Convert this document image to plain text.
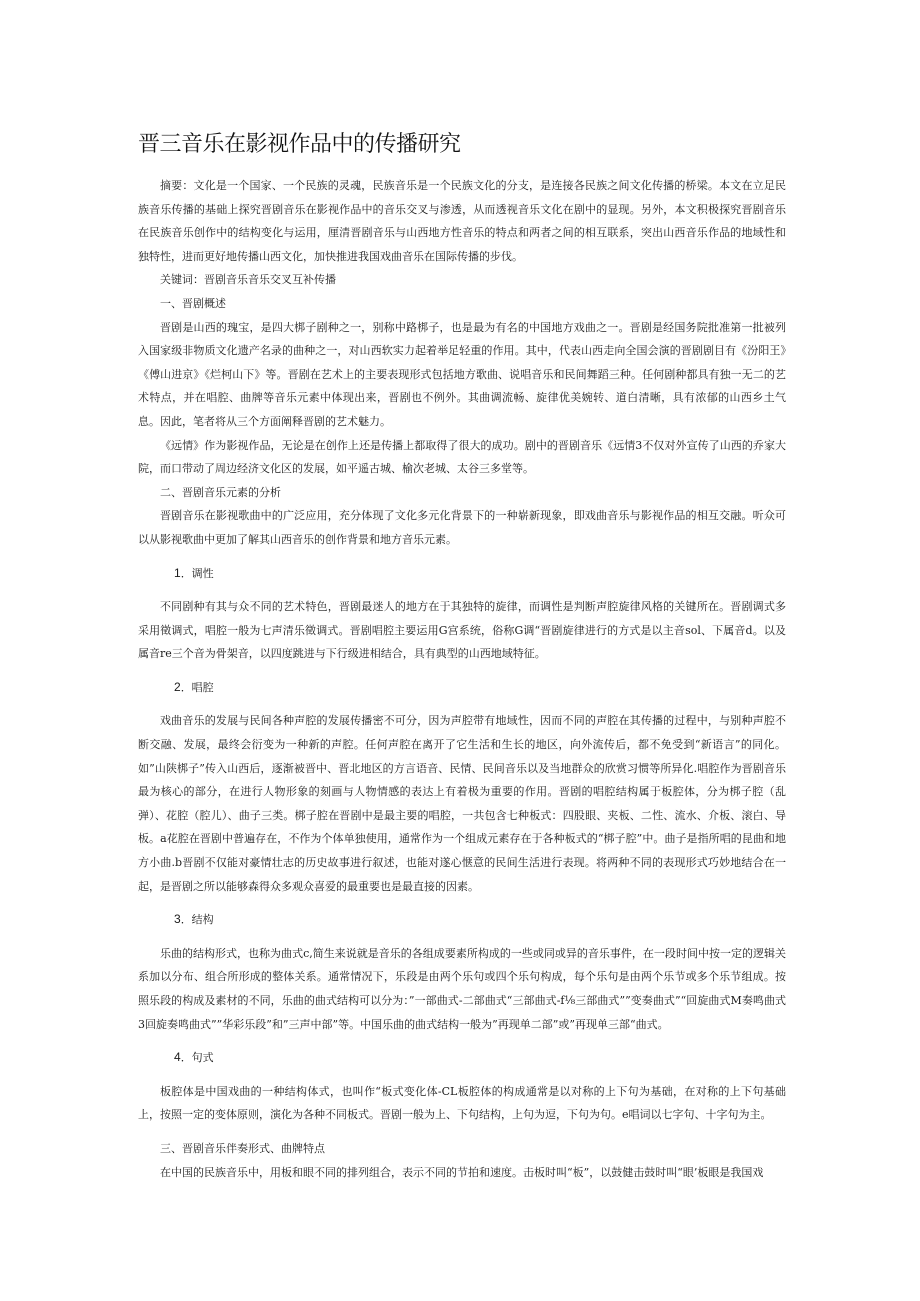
晋三音乐在影视作品中的传播研究

摘要：文化是一个国家、一个民族的灵魂，民族音乐是一个民族文化的分支，是连接各民族之间文化传播的桥梁。本文在立足民族音乐传播的基础上探究晋剧音乐在影视作品中的音乐交叉与渗透，从而透视音乐文化在剧中的显现。另外，本文积极探究晋剧音乐在民族音乐创作中的结构变化与运用，厘清晋剧音乐与山西地方性音乐的特点和两者之间的相互联系，突出山西音乐作品的地域性和独特性，进而更好地传播山西文化，加快推进我国戏曲音乐在国际传播的步伐。

关键词：晋剧音乐音乐交叉互补传播

一、晋剧概述

晋剧是山西的瑰宝，是四大梆子剧种之一，别称中路梆子，也是最为有名的中国地方戏曲之一。晋剧是经国务院批准第一批被列入国家级非物质文化遗产名录的曲种之一，对山西软实力起着举足轻重的作用。其中，代表山西走向全国会演的晋剧剧目有《汾阳王》《傅山进京》《烂柯山下》等。晋剧在艺术上的主要表现形式包括地方歌曲、说唱音乐和民间舞蹈三种。任何剧种都具有独一无二的艺术特点，并在唱腔、曲牌等音乐元素中体现出来，晋剧也不例外。其曲调流畅、旋律优美婉转、道白清晰，具有浓郁的山西乡土气息。因此，笔者将从三个方面阐释晋剧的艺术魅力。

《远情》作为影视作品，无论是在创作上还是传播上都取得了很大的成功。剧中的晋剧音乐《远情3不仅对外宣传了山西的乔家大院，而口带动了周边经济文化区的发展，如平遥古城、榆次老城、太谷三多堂等。

二、晋剧音乐元素的分析

晋剧音乐在影视歌曲中的广泛应用，充分体现了文化多元化背景下的一种崭新现象，即戏曲音乐与影视作品的相互交融。听众可以从影视歌曲中更加了解其山西音乐的创作背景和地方音乐元素。

1．调性

不同剧种有其与众不同的艺术特色，晋剧最迷人的地方在于其独特的旋律，而调性是判断声腔旋律风格的关键所在。晋剧调式多采用徵调式，唱腔一般为七声清乐徵调式。晋剧唱腔主要运用G宫系统，俗称G调“晋剧旋律进行的方式是以主音sol、下属音d。以及属音re三个音为骨架音，以四度跳进与下行级进相结合，具有典型的山西地域特征。

2．唱腔

戏曲音乐的发展与民间各种声腔的发展传播密不可分，因为声腔带有地域性，因而不同的声腔在其传播的过程中，与别种声腔不断交融、发展，最终会衍变为一种新的声腔。任何声腔在离开了它生活和生长的地区，向外流传后，都不免受到“新语言”的同化。如”山陕梆子”传入山西后，逐渐被晋中、晋北地区的方言语音、民情、民间音乐以及当地群众的欣赏习惯等所异化.唱腔作为晋剧音乐最为核心的部分，在进行人物形象的刻画与人物情感的表达上有着极为重要的作用。晋剧的唱腔结构属于板腔体，分为梆子腔（乱弹）、花腔（腔儿）、曲子三类。梆子腔在晋剧中是最主要的唱腔，一共包含七种板式：四股眼、夹板、二性、流水、介板、滚白、导板。a花腔在晋剧中普遍存在，不作为个体单独使用，通常作为一个组成元素存在于各种板式的“梆子腔”中。曲子是指所唱的昆曲和地方小曲.b晋剧不仅能对豪情壮志的历史故事进行叙述，也能对遂心惬意的民间生活进行表现。将两种不同的表现形式巧妙地结合在一起，是晋剧之所以能够森得众多观众喜爱的最重要也是最直接的因素。

3．结构

乐曲的结构形式，也称为曲式c,简生来说就是音乐的各组成要素所构成的一些或同或异的音乐事件，在一段时间中按一定的逻辑关系加以分布、组合所形成的整体关系。通常情况下，乐段是由两个乐句或四个乐句构成，每个乐句是由两个乐节或多个乐节组成。按照乐段的构成及素材的不同，乐曲的曲式结构可以分为：”一部曲式-二部曲式“三部曲式-f⅛三部曲式””变奏曲式”“回旋曲式M奏鸣曲式3回旋奏鸣曲式””华彩乐段”和”三声中部”等。中国乐曲的曲式结构一般为”再现单二部”或”再现单三部“曲式。

4．句式

板腔体是中国戏曲的一种结构体式，也叫作“板式变化体-CL板腔体的构成通常是以对称的上下句为基础，在对称的上下句基础上，按照一定的变体原则，演化为各种不同板式。晋剧一般为上、下句结构，上句为逗，下句为句。e唱词以七字句、十字句为主。

三、晋剧音乐伴奏形式、曲牌特点

在中国的民族音乐中，用板和眼不同的排列组合，表示不同的节拍和速度。击板时叫“板”，以鼓健击鼓时叫“眼’板眼是我国戏
